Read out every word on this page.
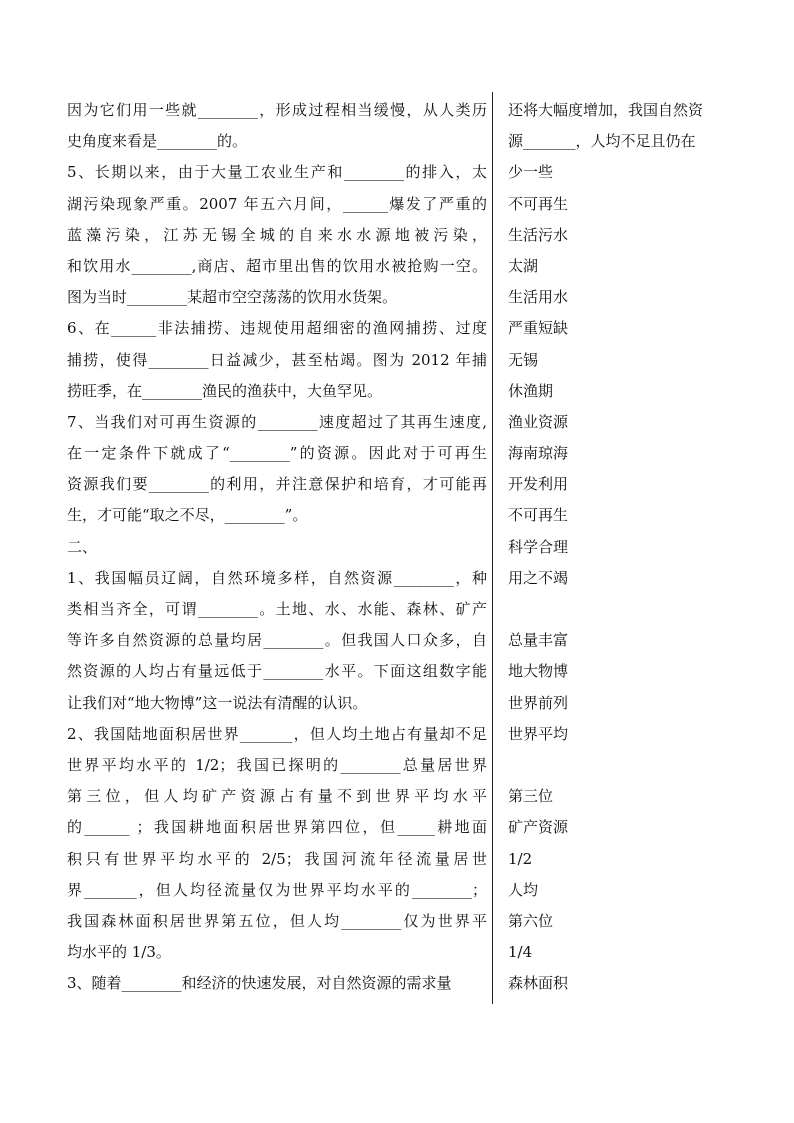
因为它们用一些就________，形成过程相当缓慢，从人类历
史角度来看是________的。
5、长期以来，由于大量工农业生产和________的排入，太
湖污染现象严重。2007 年五六月间，______爆发了严重的
蓝藻污染，江苏无锡全城的自来水水源地被污染，
和饮用水________,商店、超市里出售的饮用水被抢购一空。
图为当时________某超市空空荡荡的饮用水货架。
6、在______非法捕捞、违规使用超细密的渔网捕捞、过度
捕捞，使得________日益减少，甚至枯竭。图为 2012 年捕
捞旺季，在________渔民的渔获中，大鱼罕见。
7、当我们对可再生资源的________速度超过了其再生速度,
在一定条件下就成了“________”的资源。因此对于可再生
资源我们要________的利用，并注意保护和培育，才可能再
生，才可能“取之不尽，________”。
二、
1、我国幅员辽阔，自然环境多样，自然资源________，种
类相当齐全，可谓________。土地、水、水能、森林、矿产
等许多自然资源的总量均居________。但我国人口众多，自
然资源的人均占有量远低于________水平。下面这组数字能
让我们对“地大物博”这一说法有清醒的认识。
2、我国陆地面积居世界_______，但人均土地占有量却不足
世界平均水平的 1/2；我国已探明的________总量居世界
第三位，但人均矿产资源占有量不到世界平均水平
的______ ；我国耕地面积居世界第四位，但_____耕地面
积只有世界平均水平的 2/5；我国河流年径流量居世
界_______，但人均径流量仅为世界平均水平的________；
我国森林面积居世界第五位，但人均________仅为世界平
均水平的 1/3。
3、随着________和经济的快速发展，对自然资源的需求量
还将大幅度增加，我国自然资
源_______，人均不足且仍在
少一些
不可再生
生活污水
太湖
生活用水
严重短缺
无锡
休渔期
渔业资源
海南琼海
开发利用
不可再生
科学合理
用之不竭
总量丰富
地大物博
世界前列
世界平均
第三位
矿产资源
1/2
人均
第六位
1/4
森林面积
